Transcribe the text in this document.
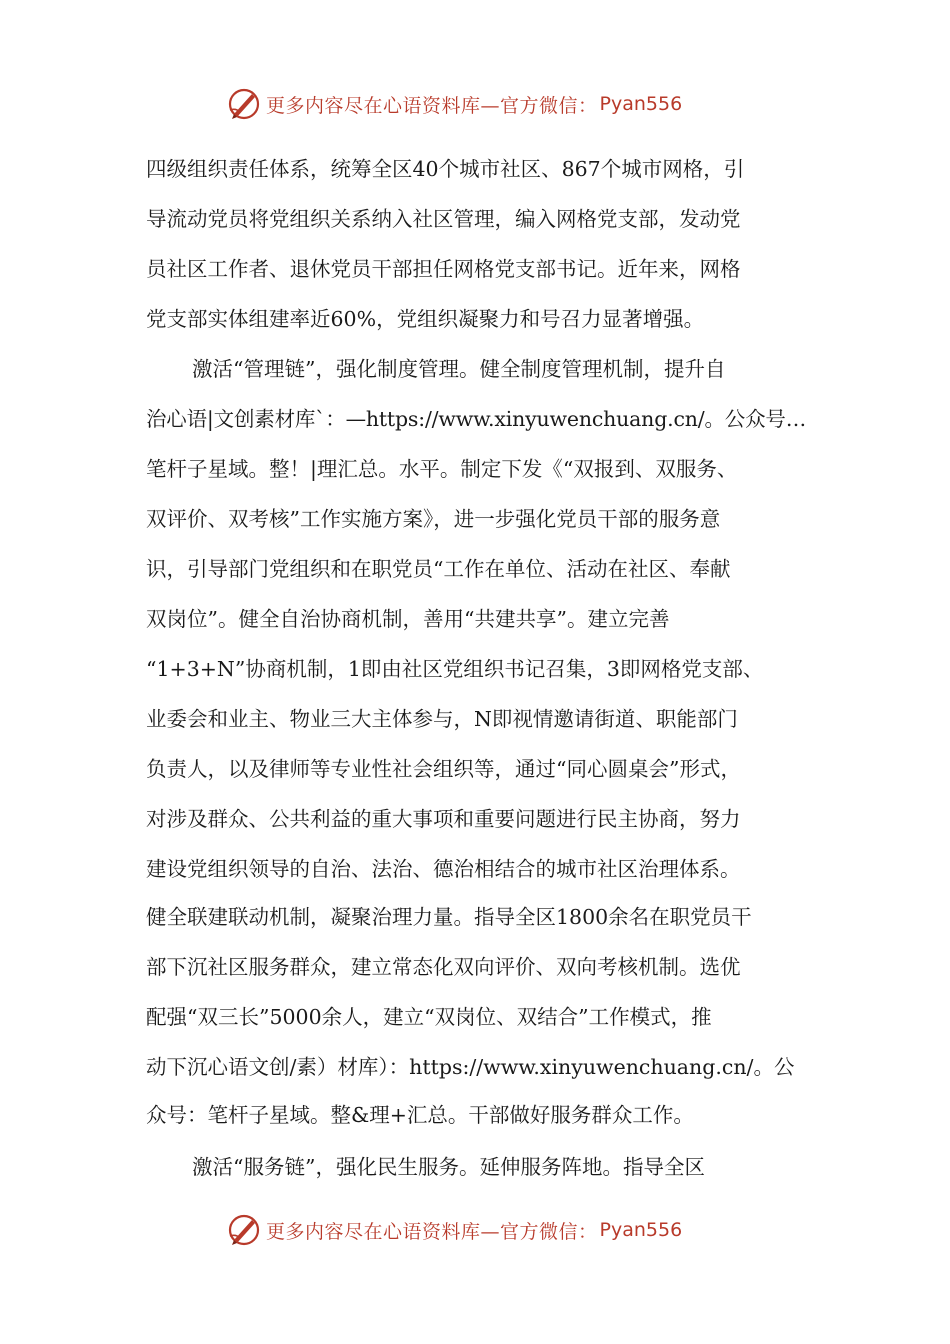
更多内容尽在心语资料库—官方微信： Pyan556
四级组织责任体系，统筹全区40个城市社区、867个城市网格，引
导流动党员将党组织关系纳入社区管理，编入网格党支部，发动党
员社区工作者、退休党员干部担任网格党支部书记。近年来，网格
党支部实体组建率近60%，党组织凝聚力和号召力显著增强。
激活“管理链”，强化制度管理。健全制度管理机制，提升自
治心语|文创素材库`：—https://www.xinyuwenchuang.cn/。公众号…
笔杆子星域。整！|理汇总。水平。制定下发《“双报到、双服务、
双评价、双考核”工作实施方案》，进一步强化党员干部的服务意
识，引导部门党组织和在职党员“工作在单位、活动在社区、奉献
双岗位”。健全自治协商机制，善用“共建共享”。建立完善
“1+3+N”协商机制，1即由社区党组织书记召集，3即网格党支部、
业委会和业主、物业三大主体参与，N即视情邀请街道、职能部门
负责人，以及律师等专业性社会组织等，通过“同心圆桌会”形式，
对涉及群众、公共利益的重大事项和重要问题进行民主协商，努力
建设党组织领导的自治、法治、德治相结合的城市社区治理体系。
健全联建联动机制，凝聚治理力量。指导全区1800余名在职党员干
部下沉社区服务群众，建立常态化双向评价、双向考核机制。选优
配强“双三长”5000余人，建立“双岗位、双结合”工作模式，推
动下沉心语文创/素）材库）：https://www.xinyuwenchuang.cn/。公
众号：笔杆子星域。整&理+汇总。干部做好服务群众工作。
激活“服务链”，强化民生服务。延伸服务阵地。指导全区
更多内容尽在心语资料库—官方微信： Pyan556
